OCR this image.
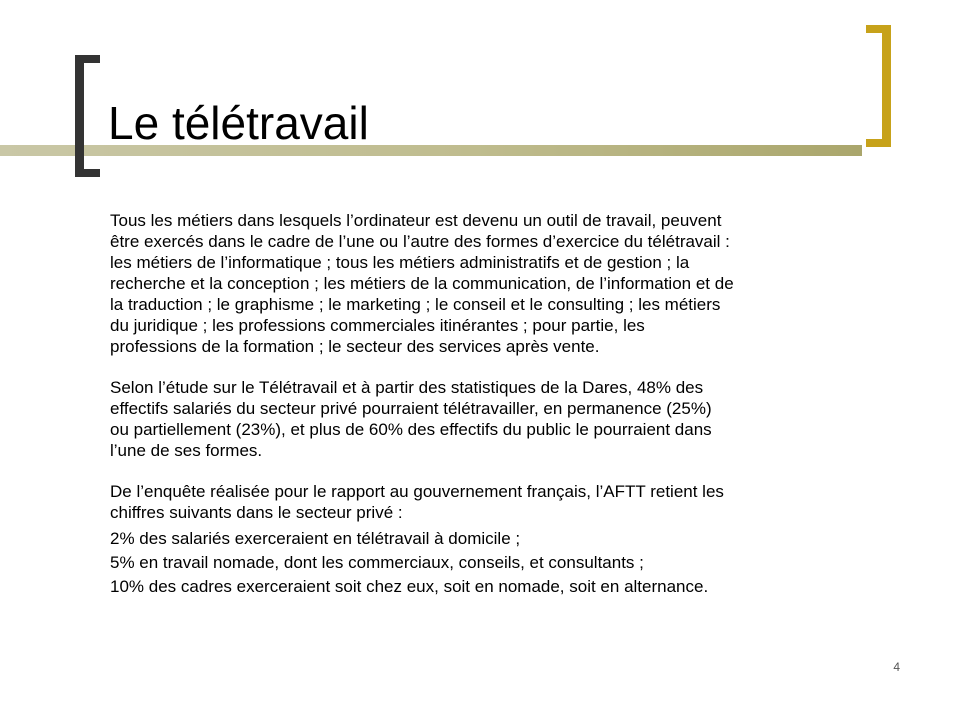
Le télétravail

Tous les métiers dans lesquels l’ordinateur est devenu un outil de travail, peuvent
être exercés dans le cadre de l’une ou l’autre des formes d’exercice du télétravail :
les métiers de l’informatique ; tous les métiers administratifs et de gestion ; la
recherche et la conception ; les métiers de la communication, de l’information et de
la traduction ; le graphisme ; le marketing ; le conseil et le consulting ; les métiers
du juridique ; les professions commerciales itinérantes ; pour partie, les
professions de la formation ; le secteur des services après vente.

Selon l’étude sur le Télétravail et à partir des statistiques de la Dares, 48% des
effectifs salariés du secteur privé pourraient télétravailler, en permanence (25%)
ou partiellement (23%), et plus de 60% des effectifs du public le pourraient dans
l’une de ses formes.

De l’enquête réalisée pour le rapport au gouvernement français, l’AFTT retient les
chiffres suivants dans le secteur privé :

2% des salariés exerceraient en télétravail à domicile ;

5% en travail nomade, dont les commerciaux, conseils, et consultants ;

10% des cadres exerceraient soit chez eux, soit en nomade, soit en alternance.

4
